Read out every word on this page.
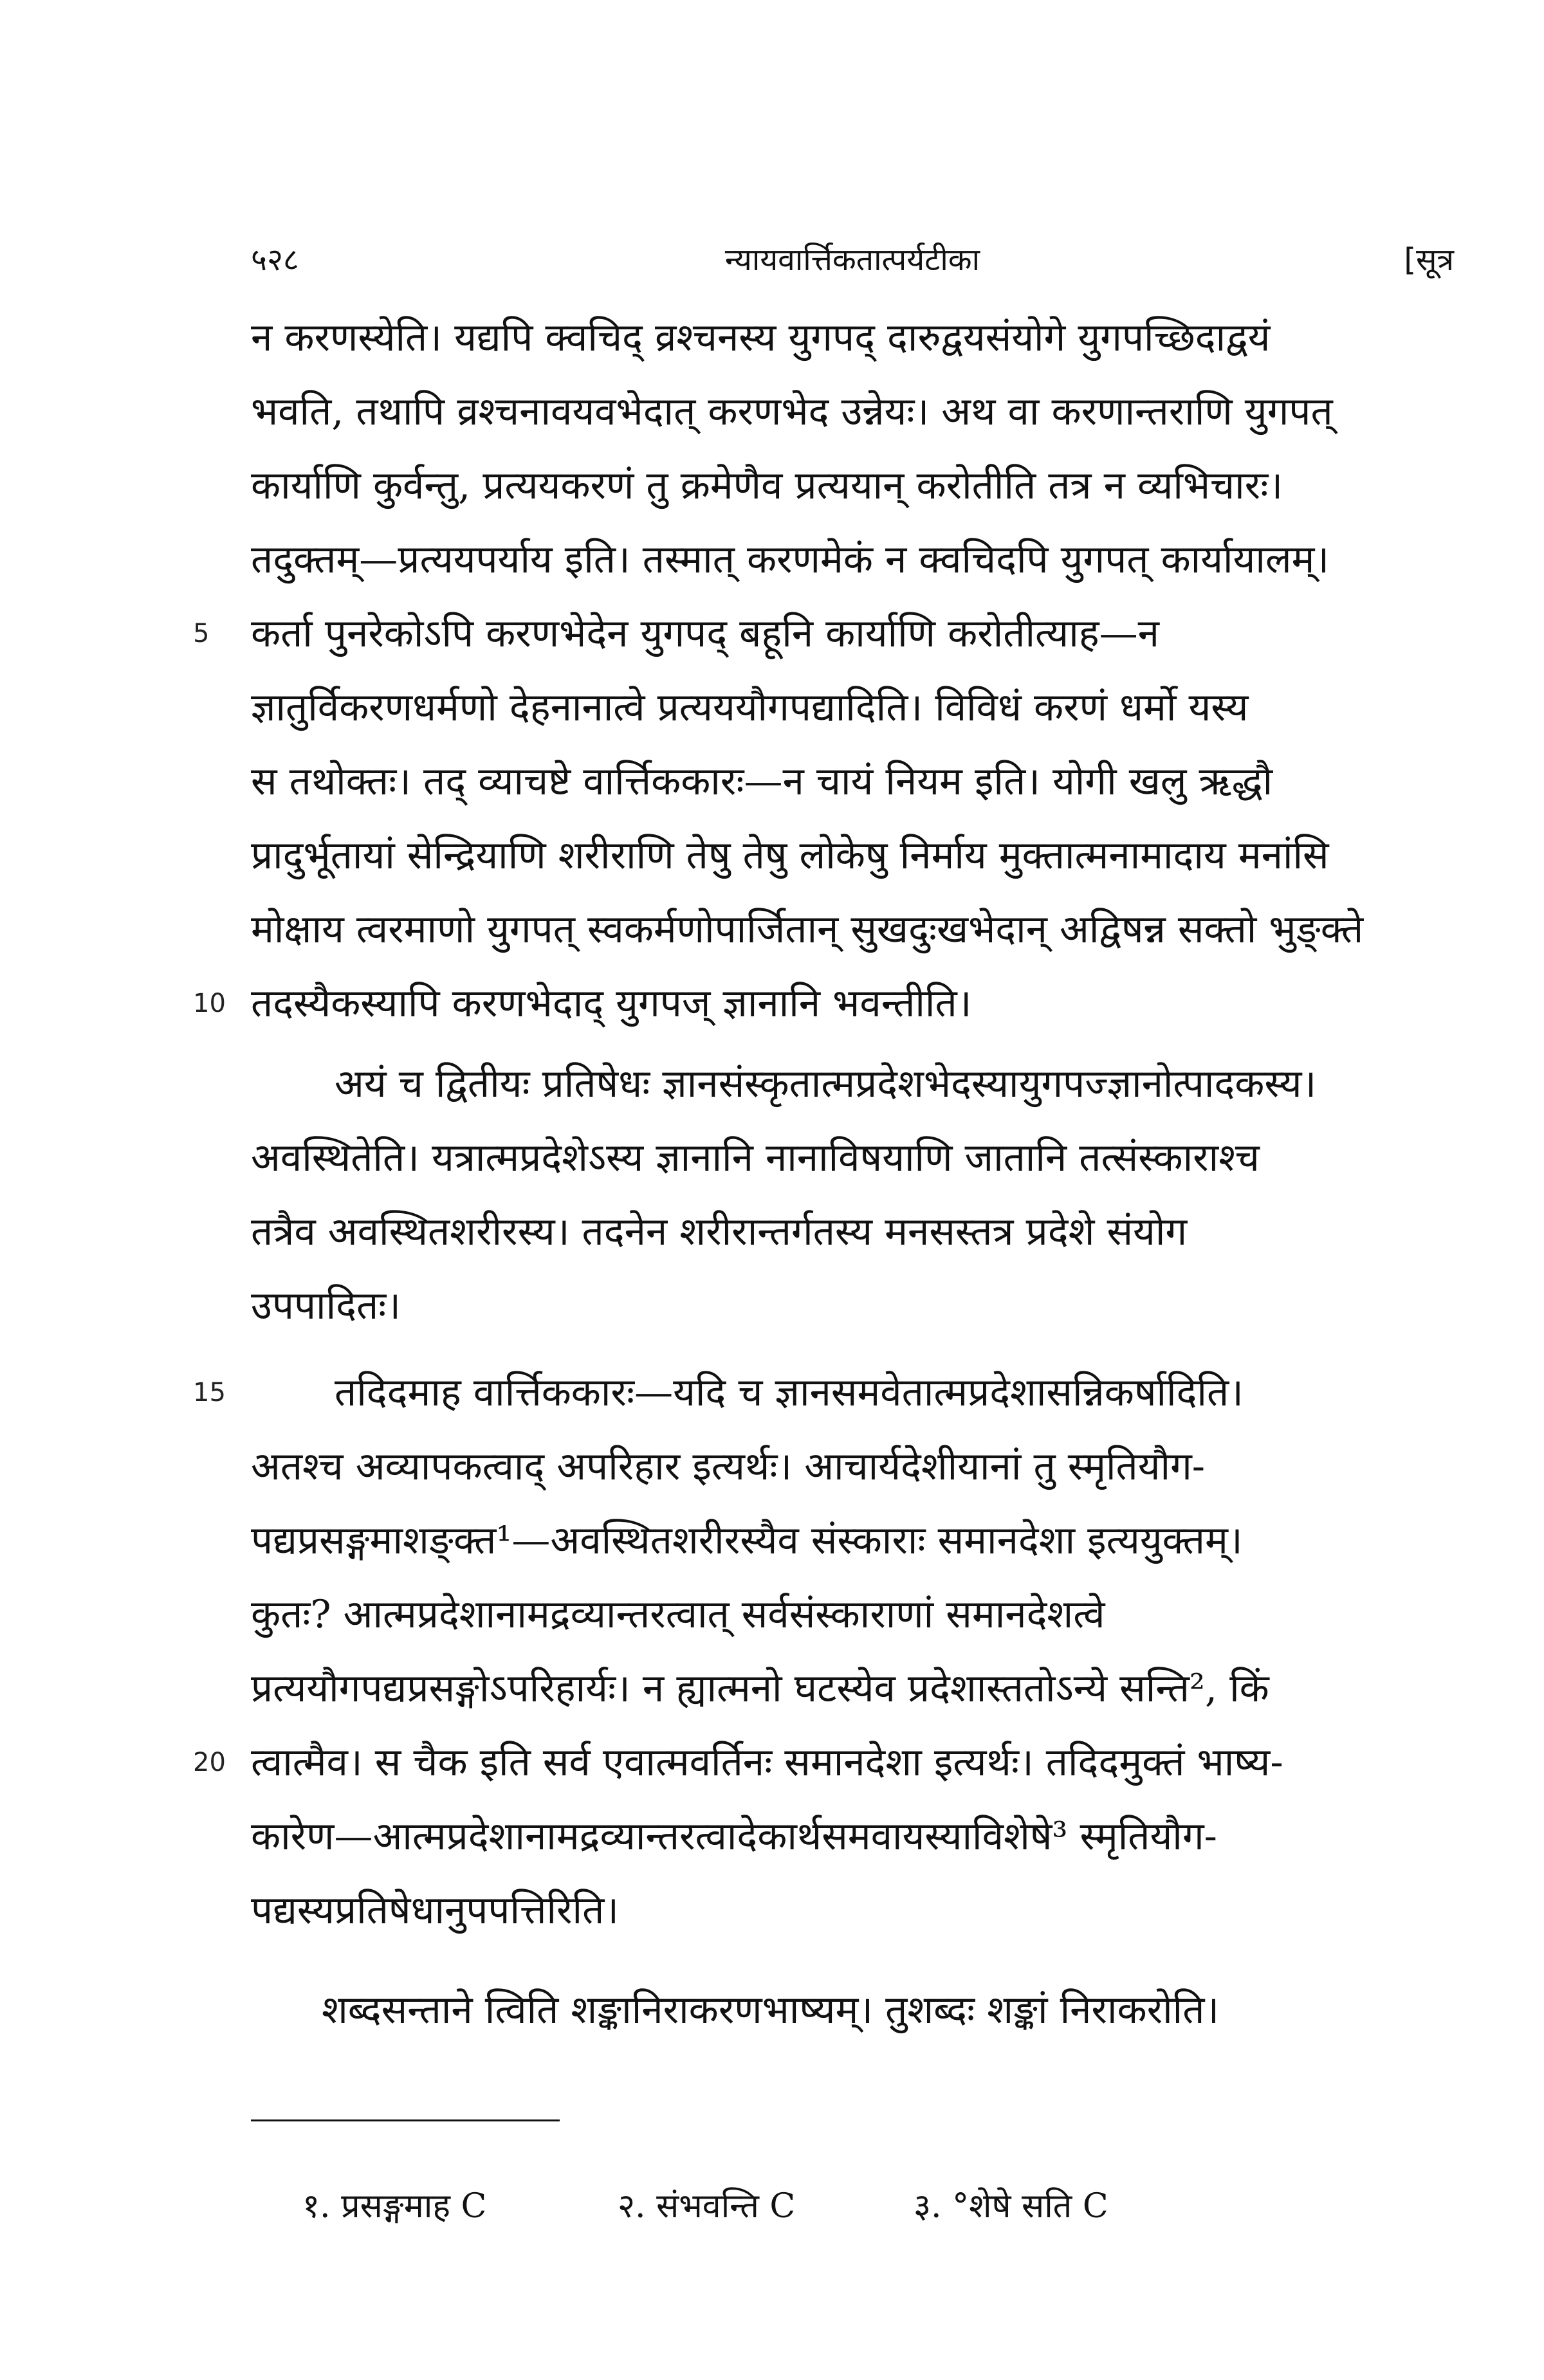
५२८	न्यायवार्त्तिकतात्पर्यटीका	[सूत्र
न करणस्येति। यद्यपि क्वचिद् व्रश्चनस्य युगपद् दारुद्वयसंयोगे युगपच्छिदाद्वयं
भवति, तथापि व्रश्चनावयवभेदात् करणभेद उन्नेयः। अथ वा करणान्तराणि युगपत्
कार्याणि कुर्वन्तु, प्रत्ययकरणं तु क्रमेणैव प्रत्ययान् करोतीति तत्र न व्यभिचारः।
तदुक्तम्—प्रत्ययपर्याय इति। तस्मात् करणमेकं न क्वचिदपि युगपत् कार्यायालम्।
5	कर्ता पुनरेकोऽपि करणभेदेन युगपद् बहूनि कार्याणि करोतीत्याह—न
ज्ञातुर्विकरणधर्मणो देहनानात्वे प्रत्यययौगपद्यादिति। विविधं करणं धर्मो यस्य
स तथोक्तः। तद् व्याचष्टे वार्त्तिककारः—न चायं नियम इति। योगी खलु ऋद्धौ
प्रादुर्भूतायां सेन्द्रियाणि शरीराणि तेषु तेषु लोकेषु निर्माय मुक्तात्मनामादाय मनांसि
मोक्षाय त्वरमाणो युगपत् स्वकर्मणोपार्जितान् सुखदुःखभेदान् अद्विषन्न सक्तो भुङ्क्ते
10 तदस्यैकस्यापि करणभेदाद् युगपज् ज्ञानानि भवन्तीति।
अयं च द्वितीयः प्रतिषेधः ज्ञानसंस्कृतात्मप्रदेशभेदस्यायुगपज्ज्ञानोत्पादकस्य।
अवस्थितेति। यत्रात्मप्रदेशेऽस्य ज्ञानानि नानाविषयाणि जातानि तत्संस्काराश्च
तत्रैव अवस्थितशरीरस्य। तदनेन शरीरान्तर्गतस्य मनसस्तत्र प्रदेशे संयोग
उपपादितः।
15	तदिदमाह वार्त्तिककारः—यदि च ज्ञानसमवेतात्मप्रदेशासन्निकर्षादिति।
अतश्च अव्यापकत्वाद् अपरिहार इत्यर्थः। आचार्यदेशीयानां तु स्मृतियौग-
पद्यप्रसङ्गमाशङ्क्त¹—अवस्थितशरीरस्यैव संस्काराः समानदेशा इत्ययुक्तम्।
कुतः? आत्मप्रदेशानामद्रव्यान्तरत्वात् सर्वसंस्काराणां समानदेशत्वे
प्रत्ययौगपद्यप्रसङ्गोऽपरिहार्यः। न ह्यात्मनो घटस्येव प्रदेशास्ततोऽन्ये सन्ति², किं
20 त्वात्मैव। स चैक इति सर्व एवात्मवर्तिनः समानदेशा इत्यर्थः। तदिदमुक्तं भाष्य-
कारेण—आत्मप्रदेशानामद्रव्यान्तरत्वादेकार्थसमवायस्याविशेषे³ स्मृतियौग-
पद्यस्यप्रतिषेधानुपपत्तिरिति।
शब्दसन्ताने त्विति शङ्कानिराकरणभाष्यम्। तुशब्दः शङ्कां निराकरोति।
१. प्रसङ्गमाह C	२. संभवन्ति C	३. °शेषे सति C
